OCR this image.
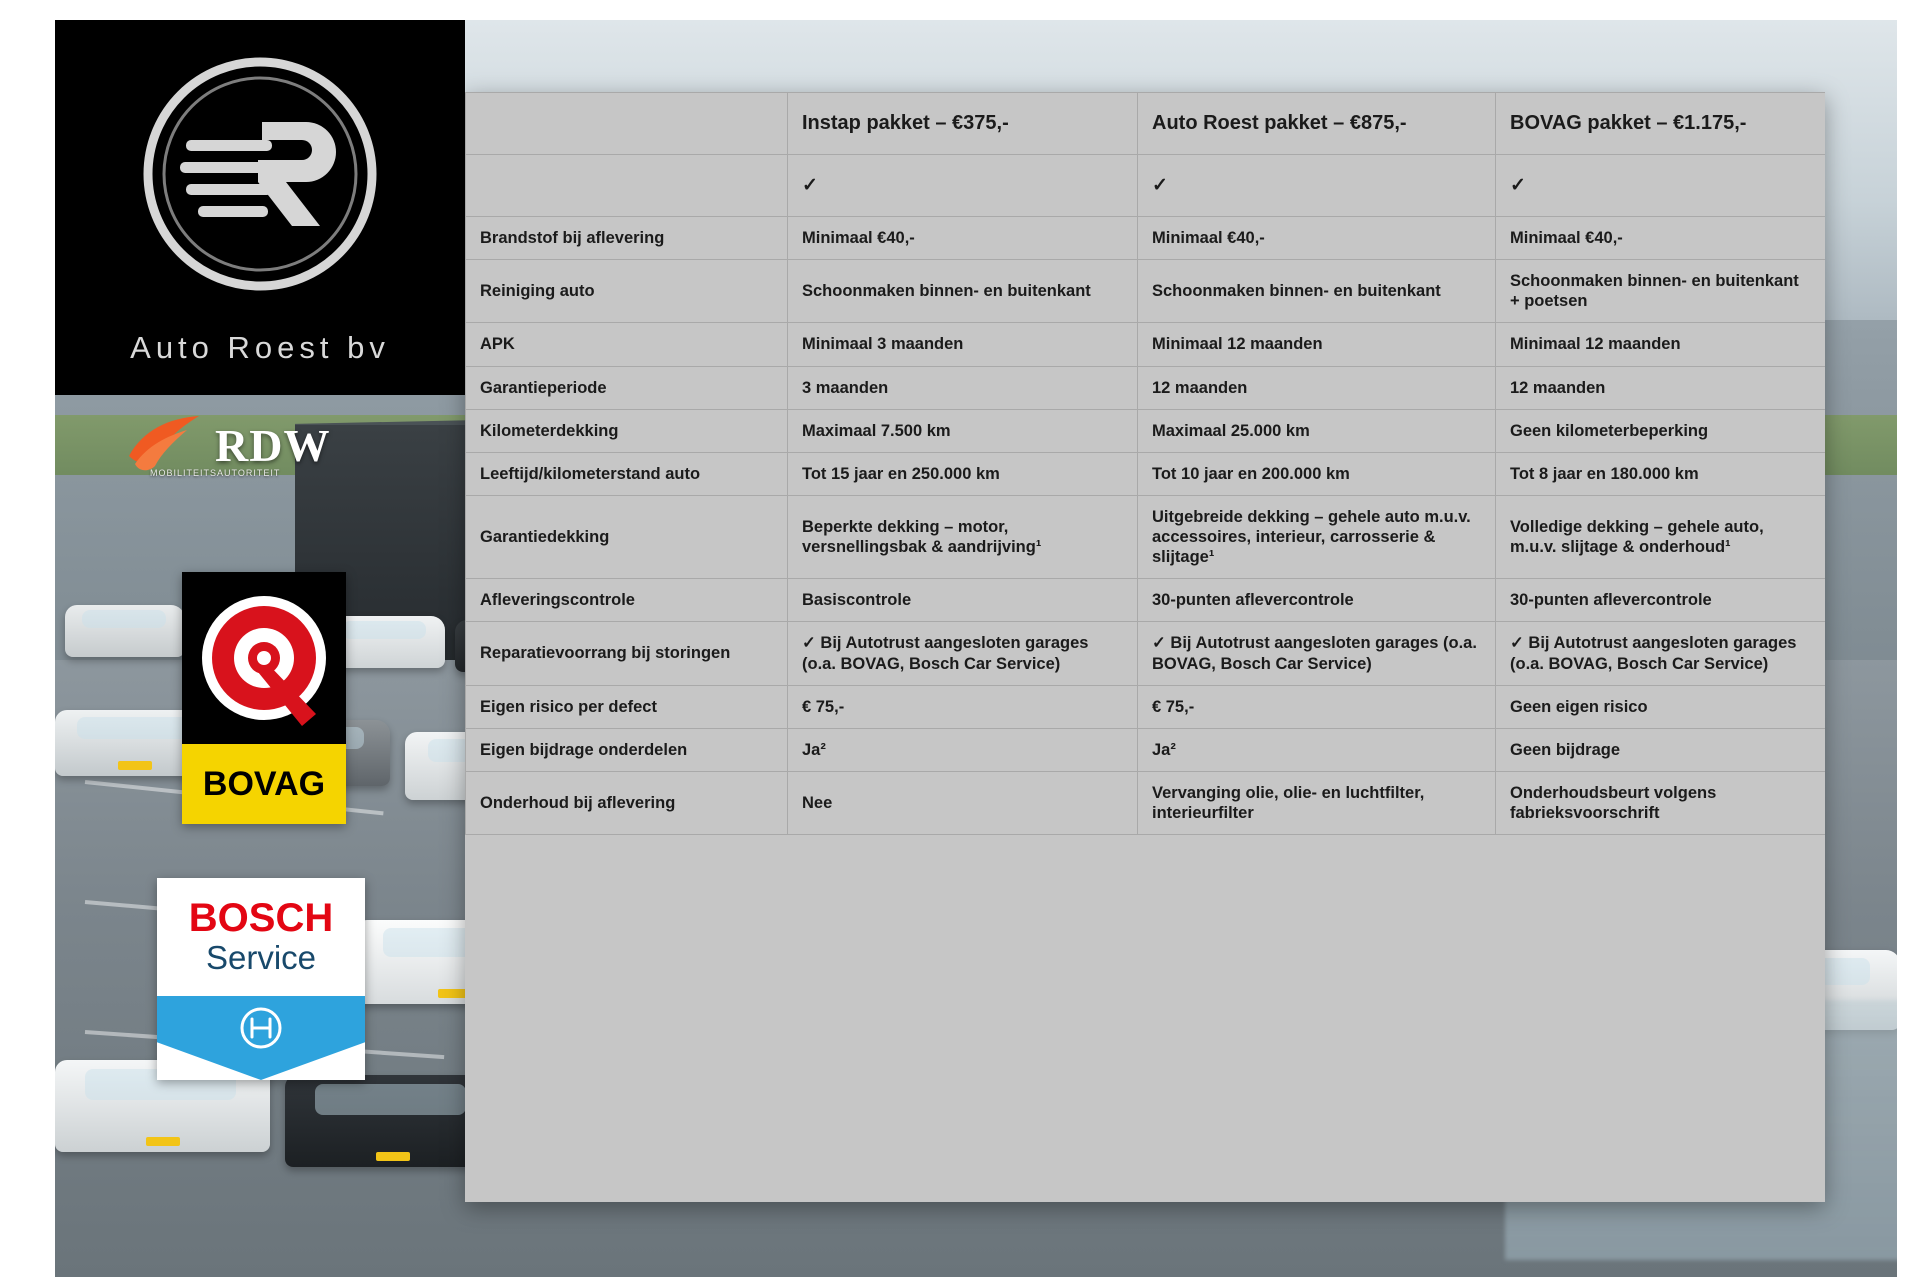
Auto Roest bv
RDW
MOBILITEITSAUTORITEIT
BOVAG
BOSCH
Service
	Instap pakket – €375,-	Auto Roest pakket – €875,-	BOVAG pakket – €1.175,-
	✓	✓	✓
Brandstof bij aflevering	Minimaal €40,-	Minimaal €40,-	Minimaal €40,-
Reiniging auto	Schoonmaken binnen- en buitenkant	Schoonmaken binnen- en buitenkant	Schoonmaken binnen- en buitenkant + poetsen
APK	Minimaal 3 maanden	Minimaal 12 maanden	Minimaal 12 maanden
Garantieperiode	3 maanden	12 maanden	12 maanden
Kilometerdekking	Maximaal 7.500 km	Maximaal 25.000 km	Geen kilometerbeperking
Leeftijd/kilometerstand auto	Tot 15 jaar en 250.000 km	Tot 10 jaar en 200.000 km	Tot 8 jaar en 180.000 km
Garantiedekking	Beperkte dekking – motor, versnellingsbak & aandrijving¹	Uitgebreide dekking – gehele auto m.u.v. accessoires, interieur, carrosserie & slijtage¹	Volledige dekking – gehele auto, m.u.v. slijtage & onderhoud¹
Afleveringscontrole	Basiscontrole	30-punten aflevercontrole	30-punten aflevercontrole
Reparatievoorrang bij storingen	✓ Bij Autotrust aangesloten garages (o.a. BOVAG, Bosch Car Service)	✓ Bij Autotrust aangesloten garages (o.a. BOVAG, Bosch Car Service)	✓ Bij Autotrust aangesloten garages (o.a. BOVAG, Bosch Car Service)
Eigen risico per defect	€ 75,-	€ 75,-	Geen eigen risico
Eigen bijdrage onderdelen	Ja²	Ja²	Geen bijdrage
Onderhoud bij aflevering	Nee	Vervanging olie, olie- en luchtfilter, interieurfilter	Onderhoudsbeurt volgens fabrieksvoorschrift
